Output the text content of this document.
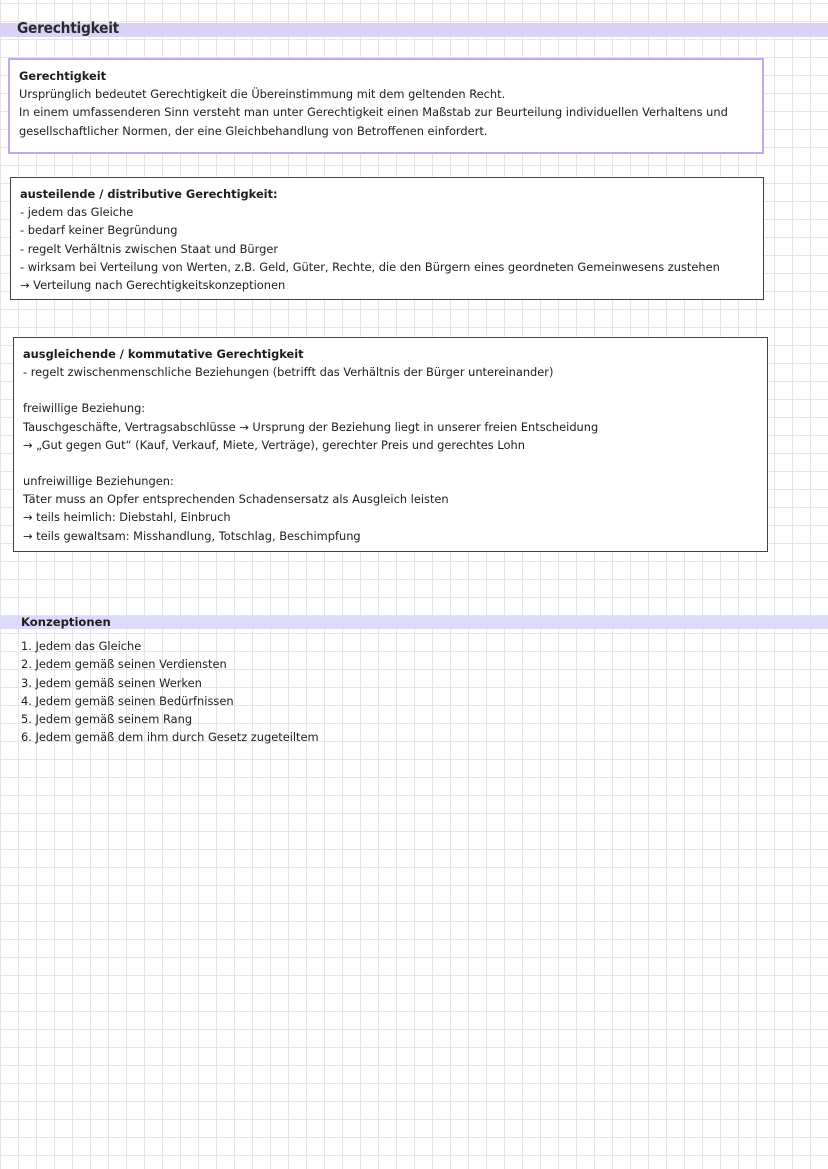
Gerechtigkeit
Gerechtigkeit
Ursprünglich bedeutet Gerechtigkeit die Übereinstimmung mit dem geltenden Recht.
In einem umfassenderen Sinn versteht man unter Gerechtigkeit einen Maßstab zur Beurteilung individuellen Verhaltens und gesellschaftlicher Normen, der eine Gleichbehandlung von Betroffenen einfordert.
austeilende / distributive Gerechtigkeit:
- jedem das Gleiche
- bedarf keiner Begründung
- regelt Verhältnis zwischen Staat und Bürger
- wirksam bei Verteilung von Werten, z.B. Geld, Güter, Rechte, die den Bürgern eines geordneten Gemeinwesens zustehen
→ Verteilung nach Gerechtigkeitskonzeptionen
ausgleichende / kommutative Gerechtigkeit
- regelt zwischenmenschliche Beziehungen (betrifft das Verhältnis der Bürger untereinander)
freiwillige Beziehung:
Tauschgeschäfte, Vertragsabschlüsse → Ursprung der Beziehung liegt in unserer freien Entscheidung
→ „Gut gegen Gut“ (Kauf, Verkauf, Miete, Verträge), gerechter Preis und gerechtes Lohn
unfreiwillige Beziehungen:
Täter muss an Opfer entsprechenden Schadensersatz als Ausgleich leisten
→ teils heimlich: Diebstahl, Einbruch
→ teils gewaltsam: Misshandlung, Totschlag, Beschimpfung
Konzeptionen
1. Jedem das Gleiche
2. Jedem gemäß seinen Verdiensten
3. Jedem gemäß seinen Werken
4. Jedem gemäß seinen Bedürfnissen
5. Jedem gemäß seinem Rang
6. Jedem gemäß dem ihm durch Gesetz zugeteiltem
